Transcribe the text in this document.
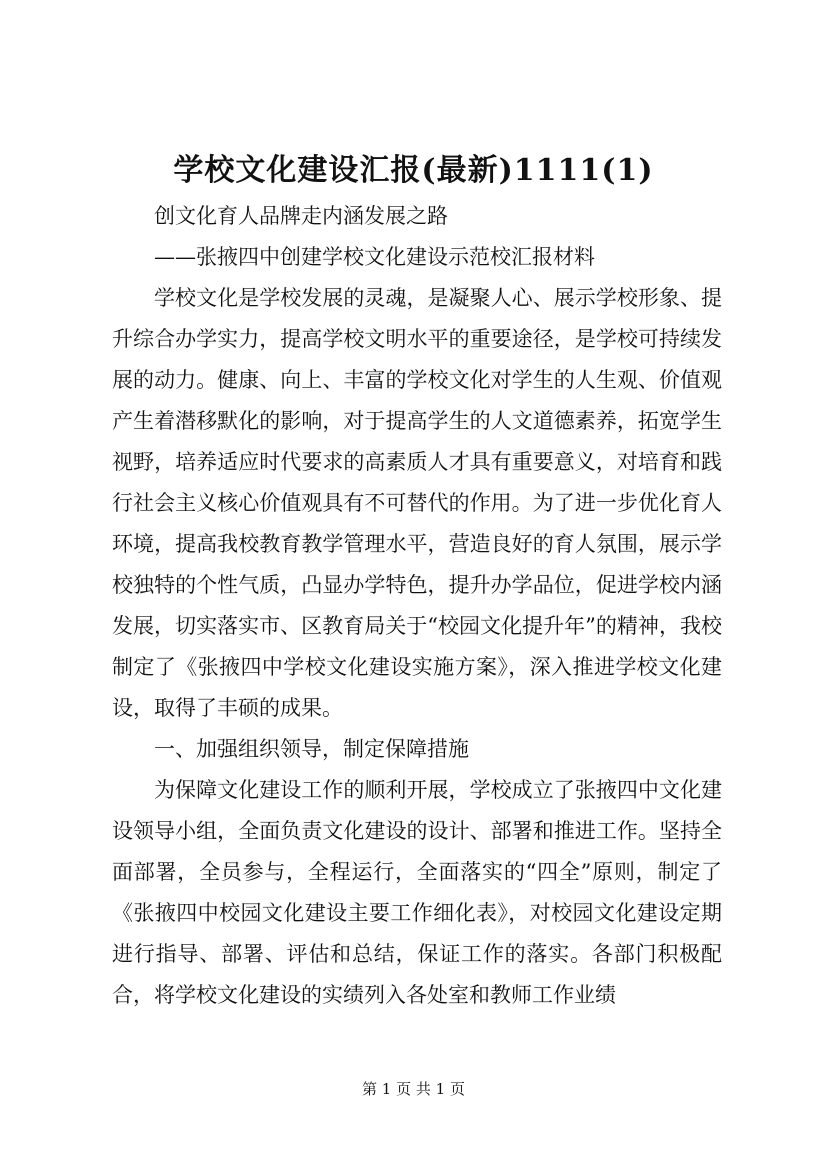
学校文化建设汇报(最新)1111(1)

创文化育人品牌走内涵发展之路

——张掖四中创建学校文化建设示范校汇报材料

学校文化是学校发展的灵魂，是凝聚人心、展示学校形象、提升综合办学实力，提高学校文明水平的重要途径，是学校可持续发展的动力。健康、向上、丰富的学校文化对学生的人生观、价值观产生着潜移默化的影响，对于提高学生的人文道德素养，拓宽学生视野，培养适应时代要求的高素质人才具有重要意义，对培育和践行社会主义核心价值观具有不可替代的作用。为了进一步优化育人环境，提高我校教育教学管理水平，营造良好的育人氛围，展示学校独特的个性气质，凸显办学特色，提升办学品位，促进学校内涵发展，切实落实市、区教育局关于“校园文化提升年”的精神，我校制定了《张掖四中学校文化建设实施方案》，深入推进学校文化建设，取得了丰硕的成果。

一、加强组织领导，制定保障措施

为保障文化建设工作的顺利开展，学校成立了张掖四中文化建设领导小组，全面负责文化建设的设计、部署和推进工作。坚持全面部署，全员参与，全程运行，全面落实的“四全”原则，制定了《张掖四中校园文化建设主要工作细化表》，对校园文化建设定期进行指导、部署、评估和总结，保证工作的落实。各部门积极配合，将学校文化建设的实绩列入各处室和教师工作业绩

第 1 页 共 1 页
